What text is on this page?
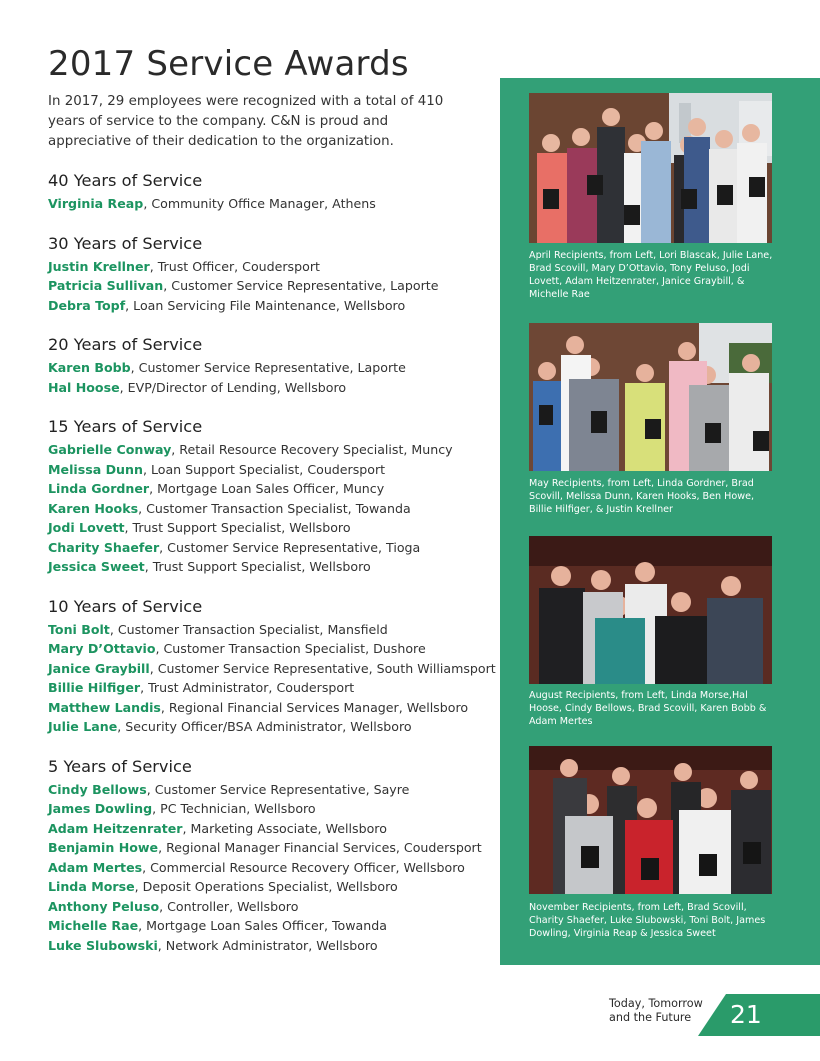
2017 Service Awards

In 2017, 29 employees were recognized with a total of 410 years of service to the company. C&N is proud and appreciative of their dedication to the organization.

40 Years of Service
Virginia Reap, Community Office Manager, Athens
30 Years of Service
Justin Krellner, Trust Officer, Coudersport
Patricia Sullivan, Customer Service Representative, Laporte
Debra Topf, Loan Servicing File Maintenance, Wellsboro
20 Years of Service
Karen Bobb, Customer Service Representative, Laporte
Hal Hoose, EVP/Director of Lending, Wellsboro
15 Years of Service
Gabrielle Conway, Retail Resource Recovery Specialist, Muncy
Melissa Dunn, Loan Support Specialist, Coudersport
Linda Gordner, Mortgage Loan Sales Officer, Muncy
Karen Hooks, Customer Transaction Specialist, Towanda
Jodi Lovett, Trust Support Specialist, Wellsboro
Charity Shaefer, Customer Service Representative, Tioga
Jessica Sweet, Trust Support Specialist, Wellsboro
10 Years of Service
Toni Bolt, Customer Transaction Specialist, Mansfield
Mary D’Ottavio, Customer Transaction Specialist, Dushore
Janice Graybill, Customer Service Representative, South Williamsport
Billie Hilfiger, Trust Administrator, Coudersport
Matthew Landis, Regional Financial Services Manager, Wellsboro
Julie Lane, Security Officer/BSA Administrator, Wellsboro
5 Years of Service
Cindy Bellows, Customer Service Representative, Sayre
James Dowling, PC Technician, Wellsboro
Adam Heitzenrater, Marketing Associate, Wellsboro
Benjamin Howe, Regional Manager Financial Services, Coudersport
Adam Mertes, Commercial Resource Recovery Officer, Wellsboro
Linda Morse, Deposit Operations Specialist, Wellsboro
Anthony Peluso, Controller, Wellsboro
Michelle Rae, Mortgage Loan Sales Officer, Towanda
Luke Slubowski, Network Administrator, Wellsboro

April Recipients, from Left, Lori Blascak, Julie Lane, Brad Scovill, Mary D’Ottavio, Tony Peluso, Jodi Lovett, Adam Heitzenrater, Janice Graybill, & Michelle Rae

May Recipients, from Left, Linda Gordner, Brad Scovill, Melissa Dunn, Karen Hooks, Ben Howe, Billie Hilfiger, & Justin Krellner

August Recipients, from Left, Linda Morse,Hal Hoose, Cindy Bellows, Brad Scovill, Karen Bobb & Adam Mertes

November Recipients, from Left, Brad Scovill, Charity Shaefer, Luke Slubowski, Toni Bolt, James Dowling, Virginia Reap & Jessica Sweet

Today, Tomorrow
and the Future	21
